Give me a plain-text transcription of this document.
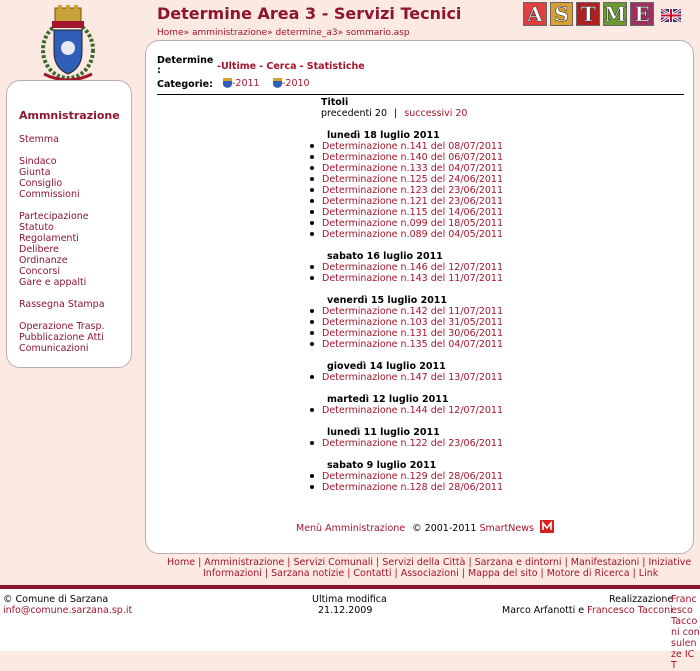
Determine Area 3 - Servizi Tecnici
Home» amministrazione» determine_a3» sommario.asp
A S T M E
Ammnistrazione
Stemma
Sindaco
Giunta
Consiglio
Commissioni
Partecipazione
Statuto
Regolamenti
Delibere
Ordinanze
Concorsi
Gare e appalti
Rassegna Stampa
Operazione Trasp.
Pubblicazione Atti
Comunicazioni
Determine :	-Ultime - Cerca - Statistiche
Categorie:	-2011	-2010
Titoli
precedenti 20 | successivi 20
lunedì 18 luglio 2011
Determinazione n.141 del 08/07/2011
Determinazione n.140 del 06/07/2011
Determinazione n.133 del 04/07/2011
Determinazione n.125 del 24/06/2011
Determinazione n.123 del 23/06/2011
Determinazione n.121 del 23/06/2011
Determinazione n.115 del 14/06/2011
Determinazione n.099 del 18/05/2011
Determinazione n.089 del 04/05/2011
sabato 16 luglio 2011
Determinazione n.146 del 12/07/2011
Determinazione n.143 del 11/07/2011
venerdì 15 luglio 2011
Determinazione n.142 del 11/07/2011
Determinazione n.103 del 31/05/2011
Determinazione n.131 del 30/06/2011
Determinazione n.135 del 04/07/2011
giovedì 14 luglio 2011
Determinazione n.147 del 13/07/2011
martedì 12 luglio 2011
Determinazione n.144 del 12/07/2011
lunedì 11 luglio 2011
Determinazione n.122 del 23/06/2011
sabato 9 luglio 2011
Determinazione n.129 del 28/06/2011
Determinazione n.128 del 28/06/2011
Menù Amministrazione © 2001-2011 SmartNews
Home | Amministrazione | Servizi Comunali | Servizi della Città | Sarzana e dintorni | Manifestazioni | Iniziative
Informazioni | Sarzana notizie | Contatti | Associazioni | Mappa del sito | Motore di Ricerca | Link
© Comune di Sarzana
info@comune.sarzana.sp.it
Ultima modifica
21.12.2009
Realizzazione
Francesco Tacconi consulenze ICT
Marco Arfanotti e Francesco Tacconi
